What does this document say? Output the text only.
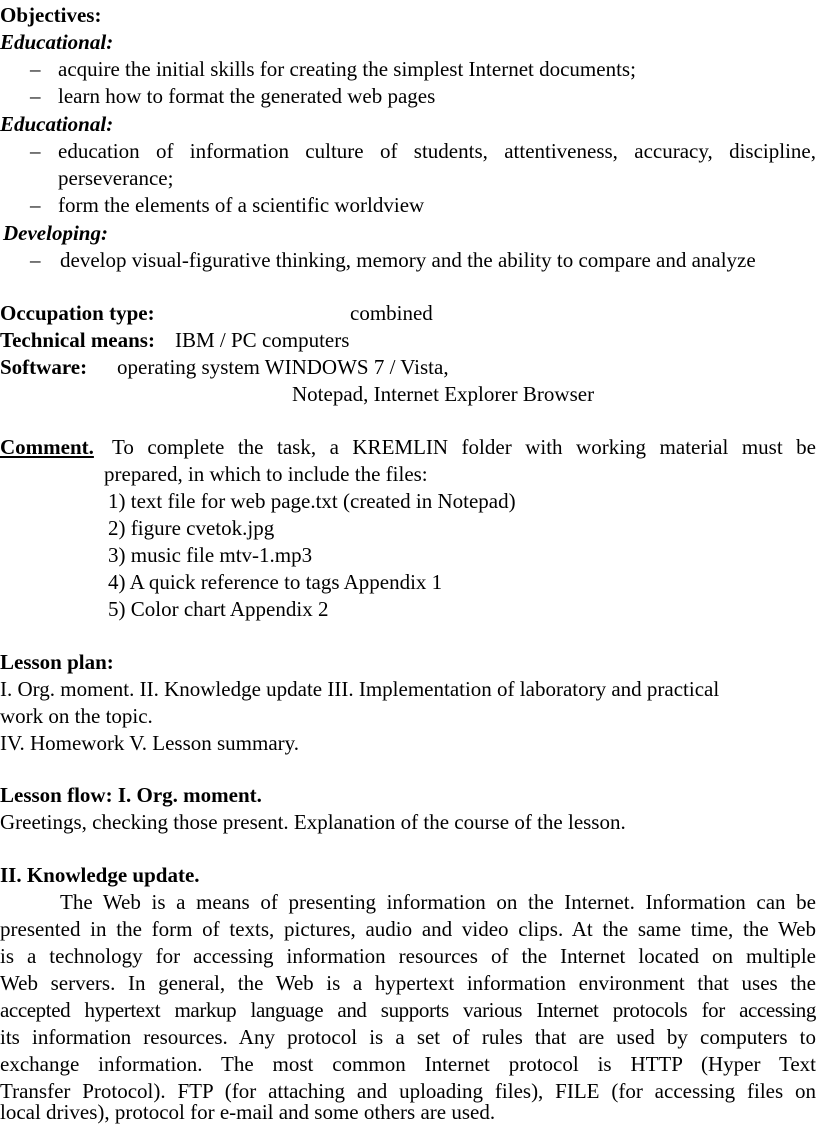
Objectives:
Educational:
– acquire the initial skills for creating the simplest Internet documents;
– learn how to format the generated web pages
Educational:
– education of information culture of students, attentiveness, accuracy, discipline,
perseverance;
– form the elements of a scientific worldview
Developing:
– develop visual-figurative thinking, memory and the ability to compare and analyze
Occupation type:	combined
Technical means: IBM / PC computers
Software: operating system WINDOWS 7 / Vista,
Notepad, Internet Explorer Browser
Comment. To complete the task, a KREMLIN folder with working material must be
prepared, in which to include the files:
1) text file for web page.txt (created in Notepad)
2) figure cvetok.jpg
3) music file mtv-1.mp3
4) A quick reference to tags Appendix 1
5) Color chart Appendix 2
Lesson plan:
I. Org. moment. II. Knowledge update III. Implementation of laboratory and practical
work on the topic.
IV. Homework V. Lesson summary.
Lesson flow: I. Org. moment.
Greetings, checking those present. Explanation of the course of the lesson.
II. Knowledge update.
The Web is a means of presenting information on the Internet. Information can be
presented in the form of texts, pictures, audio and video clips. At the same time, the Web
is a technology for accessing information resources of the Internet located on multiple
Web servers. In general, the Web is a hypertext information environment that uses the
accepted hypertext markup language and supports various Internet protocols for accessing
its information resources. Any protocol is a set of rules that are used by computers to
exchange information. The most common Internet protocol is HTTP (Hyper Text
Transfer Protocol). FTP (for attaching and uploading files), FILE (for accessing files on
local drives), protocol for e-mail and some others are used.
